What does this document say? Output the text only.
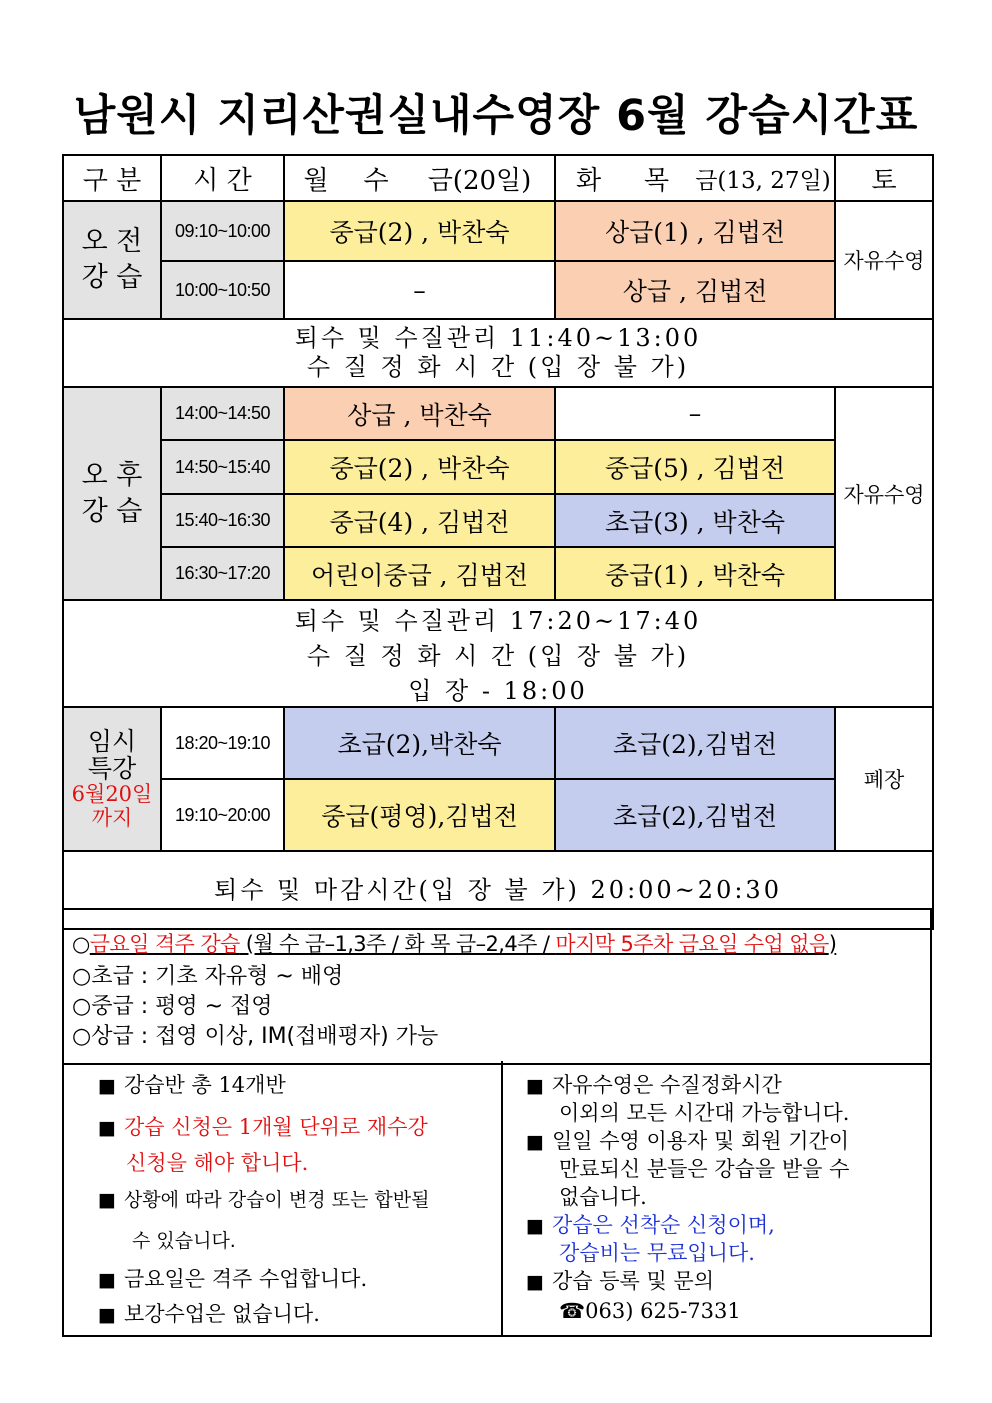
남원시 지리산권실내수영장 6월 강습시간표
구 분	시 간	월	수	금(20일)	화	목	금(13, 27일)	토

오 전
강 습	09:10~10:00	중급(2) , 박찬숙			상급(1) , 김법전			자유수영
	10:00~10:50	–			상급 , 김법전			

퇴수 및 수질관리 11:40~13:00
수 질 정 화 시 간 (입 장 불 가)								

오 후
강 습	14:00~14:50	상급 , 박찬숙			–			자유수영
	14:50~15:40	중급(2) , 박찬숙			중급(5) , 김법전			
	15:40~16:30	중급(4) , 김법전			초급(3) , 박찬숙			
	16:30~17:20	어린이중급 , 김법전			중급(1) , 박찬숙			

퇴수 및 수질관리 17:20~17:40
수 질 정 화 시 간 (입 장 불 가)
입 장 - 18:00								

임시
특강
6월20일
까지	18:20~19:10	초급(2),박찬숙			초급(2),김법전			폐장
	19:10~20:00	중급(평영),김법전			초급(2),김법전			
퇴수 및 마감시간(입 장 불 가) 20:00~20:30								
○금요일 격주 강습 (월 수 금–1,3주 / 화 목 금–2,4주 / 마지막 5주차 금요일 수업 없음)
○초급 : 기초 자유형 ~ 배영
○중급 : 평영 ~ 접영
○상급 : 접영 이상, IM(접배평자) 가능
■ 강습반 총 14개반
■ 강습 신청은 1개월 단위로 재수강
신청을 해야 합니다.
■ 상황에 따라 강습이 변경 또는 합반될
수 있습니다.
■ 금요일은 격주 수업합니다.
■ 보강수업은 없습니다.
■ 자유수영은 수질정화시간
이외의 모든 시간대 가능합니다.
■ 일일 수영 이용자 및 회원 기간이
만료되신 분들은 강습을 받을 수
없습니다.
■ 강습은 선착순 신청이며,
강습비는 무료입니다.
■ 강습 등록 및 문의
☎063) 625-7331
